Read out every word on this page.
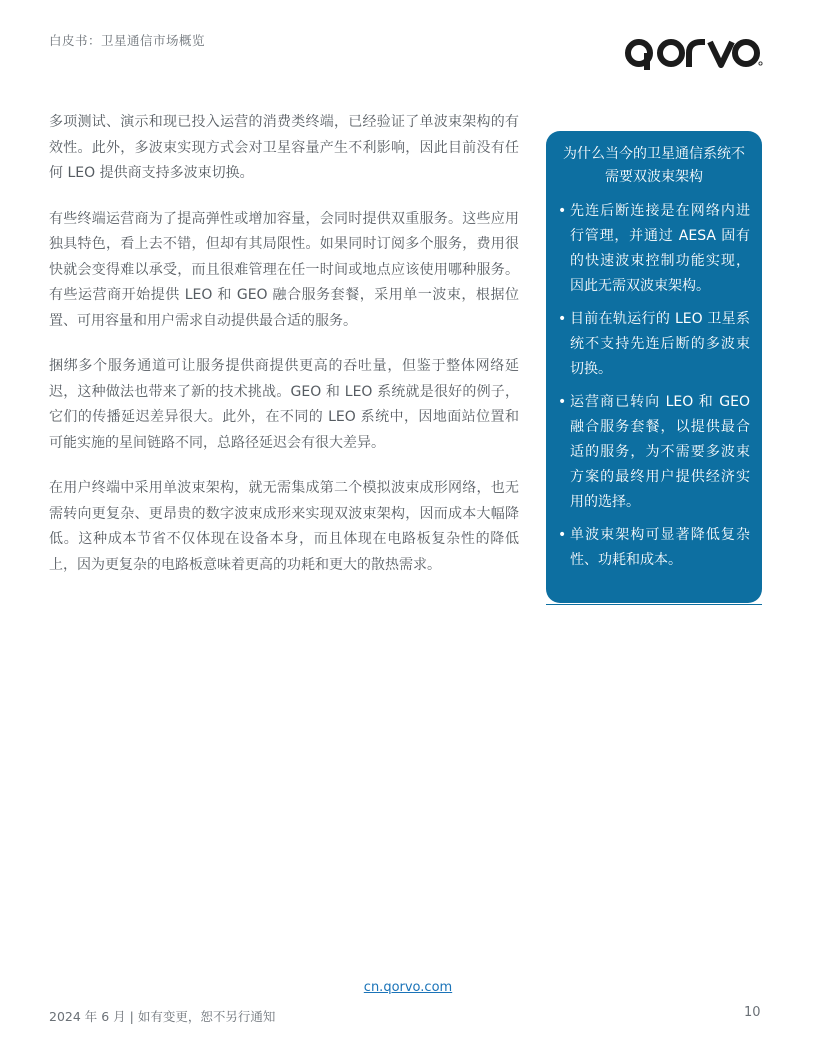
白皮书：卫星通信市场概览

多项测试、演示和现已投入运营的消费类终端，已经验证了单波束架构的有效性。此外，多波束实现方式会对卫星容量产生不利影响，因此目前没有任何 LEO 提供商支持多波束切换。

有些终端运营商为了提高弹性或增加容量，会同时提供双重服务。这些应用独具特色，看上去不错，但却有其局限性。如果同时订阅多个服务，费用很快就会变得难以承受，而且很难管理在任一时间或地点应该使用哪种服务。有些运营商开始提供 LEO 和 GEO 融合服务套餐，采用单一波束，根据位置、可用容量和用户需求自动提供最合适的服务。

捆绑多个服务通道可让服务提供商提供更高的吞吐量，但鉴于整体网络延迟，这种做法也带来了新的技术挑战。GEO 和 LEO 系统就是很好的例子，它们的传播延迟差异很大。此外，在不同的 LEO 系统中，因地面站位置和可能实施的星间链路不同，总路径延迟会有很大差异。

在用户终端中采用单波束架构，就无需集成第二个模拟波束成形网络，也无需转向更复杂、更昂贵的数字波束成形来实现双波束架构，因而成本大幅降低。这种成本节省不仅体现在设备本身，而且体现在电路板复杂性的降低上，因为更复杂的电路板意味着更高的功耗和更大的散热需求。

为什么当今的卫星通信系统不需要双波束架构
• 先连后断连接是在网络内进行管理，并通过 AESA 固有的快速波束控制功能实现，因此无需双波束架构。
• 目前在轨运行的 LEO 卫星系统不支持先连后断的多波束切换。
• 运营商已转向 LEO 和 GEO 融合服务套餐，以提供最合适的服务，为不需要多波束方案的最终用户提供经济实用的选择。
• 单波束架构可显著降低复杂性、功耗和成本。
cn.qorvo.com
2024 年 6 月 | 如有变更，恕不另行通知	10
